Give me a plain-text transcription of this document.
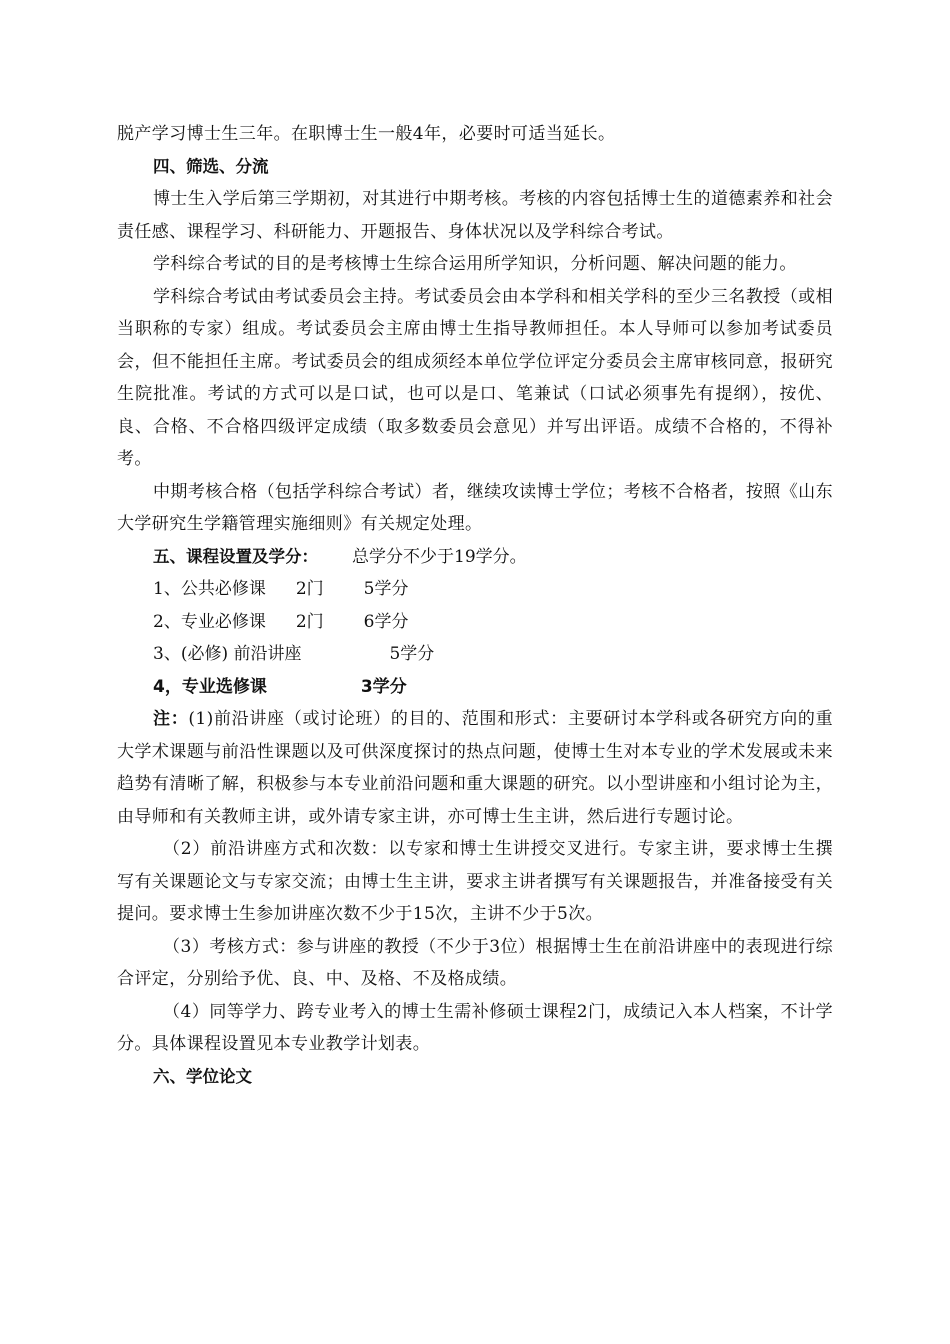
脱产学习博士生三年。在职博士生一般4年，必要时可适当延长。

四、筛选、分流

博士生入学后第三学期初，对其进行中期考核。考核的内容包括博士生的道德素养和社会责任感、课程学习、科研能力、开题报告、身体状况以及学科综合考试。

学科综合考试的目的是考核博士生综合运用所学知识，分析问题、解决问题的能力。

学科综合考试由考试委员会主持。考试委员会由本学科和相关学科的至少三名教授（或相当职称的专家）组成。考试委员会主席由博士生指导教师担任。本人导师可以参加考试委员会，但不能担任主席。考试委员会的组成须经本单位学位评定分委员会主席审核同意，报研究生院批准。考试的方式可以是口试，也可以是口、笔兼试（口试必须事先有提纲），按优、良、合格、不合格四级评定成绩（取多数委员会意见）并写出评语。成绩不合格的，不得补考。

中期考核合格（包括学科综合考试）者，继续攻读博士学位；考核不合格者，按照《山东大学研究生学籍管理实施细则》有关规定处理。

五、课程设置及学分： 总学分不少于19学分。

1、公共必修课 2门 5学分

2、专业必修课 2门 6学分

3、(必修) 前沿讲座	5学分

4，专业选修课	3学分

注：(1)前沿讲座（或讨论班）的目的、范围和形式：主要研讨本学科或各研究方向的重大学术课题与前沿性课题以及可供深度探讨的热点问题，使博士生对本专业的学术发展或未来趋势有清晰了解，积极参与本专业前沿问题和重大课题的研究。以小型讲座和小组讨论为主，由导师和有关教师主讲，或外请专家主讲，亦可博士生主讲，然后进行专题讨论。

（2）前沿讲座方式和次数：以专家和博士生讲授交叉进行。专家主讲，要求博士生撰写有关课题论文与专家交流；由博士生主讲，要求主讲者撰写有关课题报告，并准备接受有关提问。要求博士生参加讲座次数不少于15次，主讲不少于5次。

（3）考核方式：参与讲座的教授（不少于3位）根据博士生在前沿讲座中的表现进行综合评定，分别给予优、良、中、及格、不及格成绩。

（4）同等学力、跨专业考入的博士生需补修硕士课程2门，成绩记入本人档案，不计学分。具体课程设置见本专业教学计划表。

六、学位论文
